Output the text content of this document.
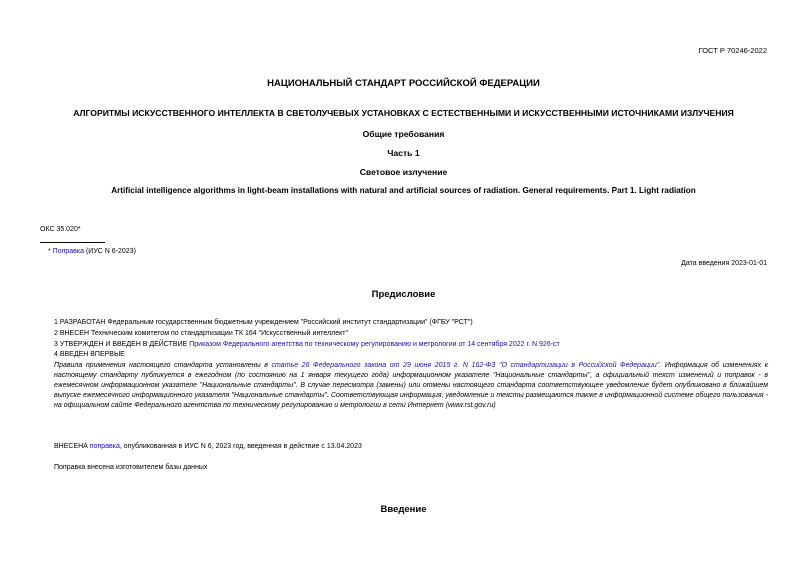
ГОСТ Р 70246-2022
НАЦИОНАЛЬНЫЙ СТАНДАРТ РОССИЙСКОЙ ФЕДЕРАЦИИ
АЛГОРИТМЫ ИСКУССТВЕННОГО ИНТЕЛЛЕКТА В СВЕТОЛУЧЕВЫХ УСТАНОВКАХ С ЕСТЕСТВЕННЫМИ И ИСКУССТВЕННЫМИ ИСТОЧНИКАМИ ИЗЛУЧЕНИЯ
Общие требования
Часть 1
Световое излучение
Artificial intelligence algorithms in light-beam installations with natural and artificial sources of radiation. General requirements. Part 1. Light radiation
ОКС 35.020*
* Поправка (ИУС N 6-2023)
Дата введения 2023-01-01
Предисловие
1 РАЗРАБОТАН Федеральным государственным бюджетным учреждением "Российский институт стандартизации" (ФГБУ "РСТ")
2 ВНЕСЕН Техническим комитетом по стандартизации ТК 164 "Искусственный интеллект"
3 УТВЕРЖДЕН И ВВЕДЕН В ДЕЙСТВИЕ Приказом Федерального агентства по техническому регулированию и метрологии от 14 сентября 2022 г. N 926-ст
4 ВВЕДЕН ВПЕРВЫЕ
Правила применения настоящего стандарта установлены в статье 26 Федерального закона от 29 июня 2015 г. N 162-ФЗ "О стандартизации в Российской Федерации". Информация об изменениях к настоящему стандарту публикуется в ежегодном (по состоянию на 1 января текущего года) информационном указателе "Национальные стандарты", а официальный текст изменений и поправок - в ежемесячном информационном указателе "Национальные стандарты". В случае пересмотра (замены) или отмены настоящего стандарта соответствующее уведомление будет опубликовано в ближайшем выпуске ежемесячного информационного указателя "Национальные стандарты". Соответствующая информация, уведомление и тексты размещаются также в информационной системе общего пользования - на официальном сайте Федерального агентства по техническому регулированию и метрологии в сети Интернет (www.rst.gov.ru)
ВНЕСЕНА поправка, опубликованная в ИУС N 6, 2023 год, введенная в действие с 13.04.2023
Поправка внесена изготовителем базы данных
Введение
